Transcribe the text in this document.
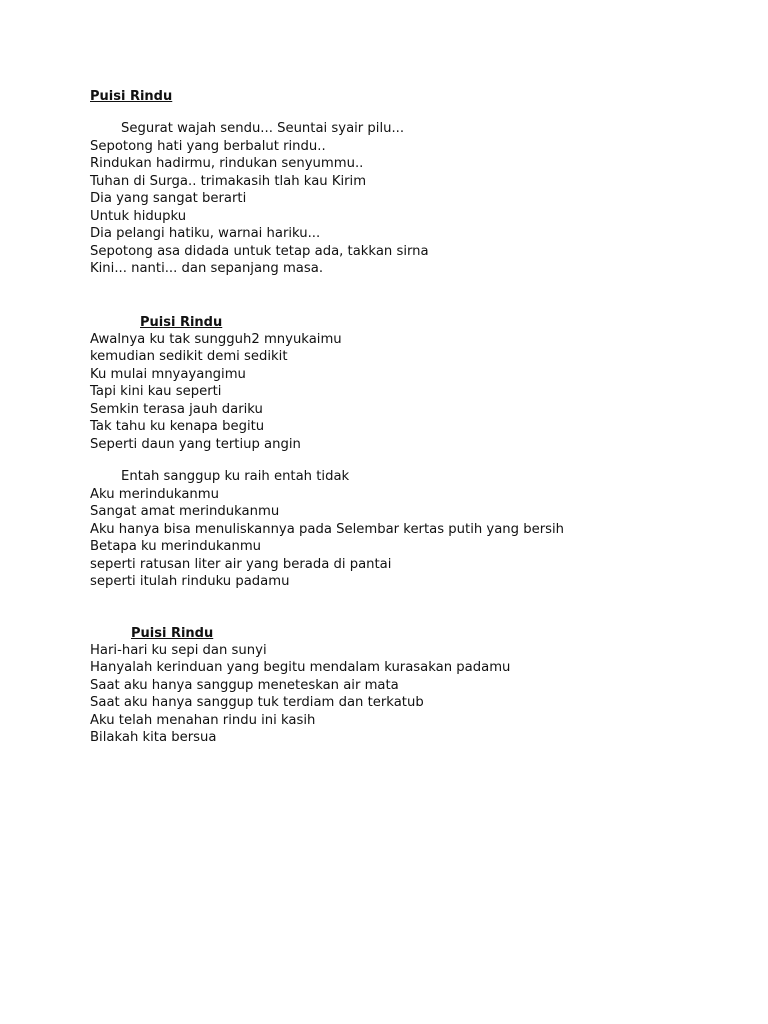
Puisi Rindu
Segurat wajah sendu... Seuntai syair pilu...
Sepotong hati yang berbalut rindu..
Rindukan hadirmu, rindukan senyummu..
Tuhan di Surga.. trimakasih tlah kau Kirim
Dia yang sangat berarti
Untuk hidupku
Dia pelangi hatiku, warnai hariku...
Sepotong asa didada untuk tetap ada, takkan sirna
Kini... nanti... dan sepanjang masa.
Puisi Rindu
Awalnya ku tak sungguh2 mnyukaimu
kemudian sedikit demi sedikit
Ku mulai mnyayangimu
Tapi kini kau seperti
Semkin terasa jauh dariku
Tak tahu ku kenapa begitu
Seperti daun yang tertiup angin
Entah sanggup ku raih entah tidak
Aku merindukanmu
Sangat amat merindukanmu
Aku hanya bisa menuliskannya pada Selembar kertas putih yang bersih
Betapa ku merindukanmu
seperti ratusan liter air yang berada di pantai
seperti itulah rinduku padamu
Puisi Rindu
Hari-hari ku sepi dan sunyi
Hanyalah kerinduan yang begitu mendalam kurasakan padamu
Saat aku hanya sanggup meneteskan air mata
Saat aku hanya sanggup tuk terdiam dan terkatub
Aku telah menahan rindu ini kasih
Bilakah kita bersua
